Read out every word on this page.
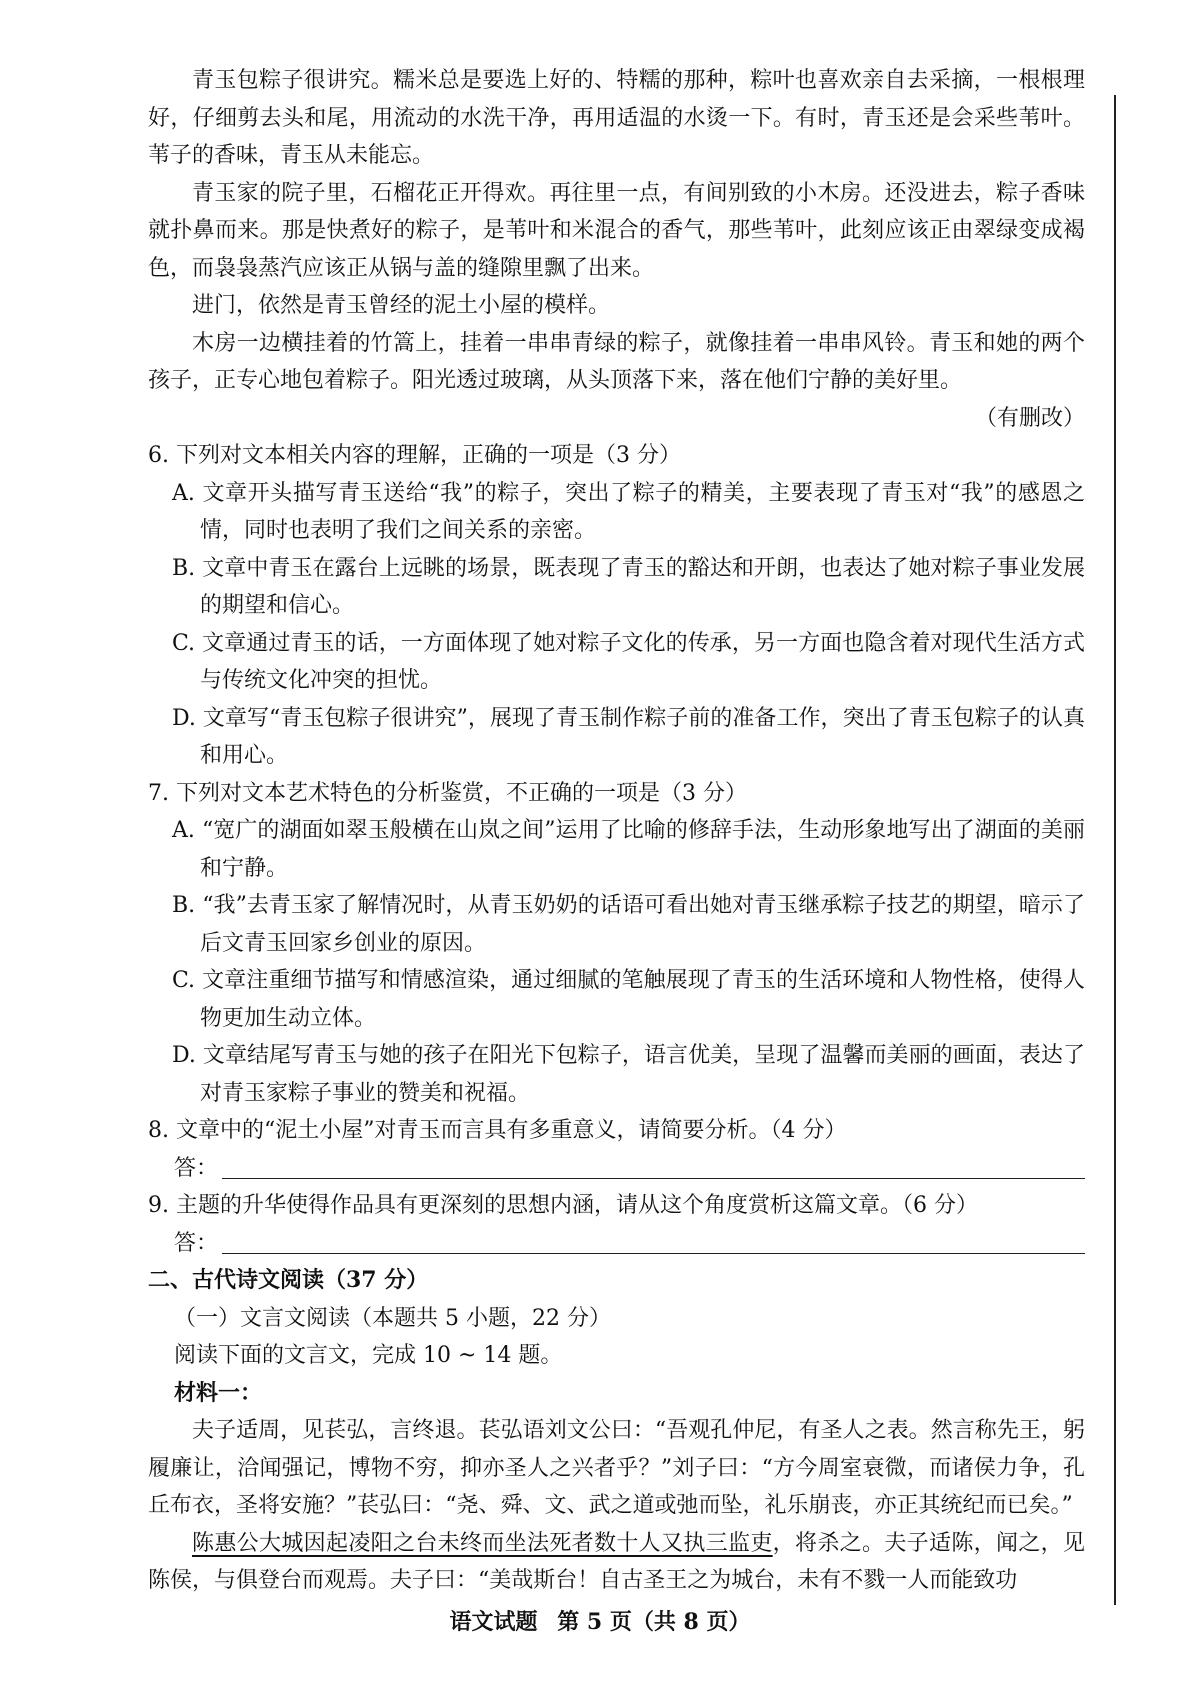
青玉包粽子很讲究。糯米总是要选上好的、特糯的那种，粽叶也喜欢亲自去采摘，一根根理好，仔细剪去头和尾，用流动的水洗干净，再用适温的水烫一下。有时，青玉还是会采些苇叶。苇子的香味，青玉从未能忘。

青玉家的院子里，石榴花正开得欢。再往里一点，有间别致的小木房。还没进去，粽子香味就扑鼻而来。那是快煮好的粽子，是苇叶和米混合的香气，那些苇叶，此刻应该正由翠绿变成褐色，而袅袅蒸汽应该正从锅与盖的缝隙里飘了出来。

进门，依然是青玉曾经的泥土小屋的模样。

木房一边横挂着的竹篙上，挂着一串串青绿的粽子，就像挂着一串串风铃。青玉和她的两个孩子，正专心地包着粽子。阳光透过玻璃，从头顶落下来，落在他们宁静的美好里。

（有删改）

6. 下列对文本相关内容的理解，正确的一项是（3 分）

A. 文章开头描写青玉送给“我”的粽子，突出了粽子的精美，主要表现了青玉对“我”的感恩之情，同时也表明了我们之间关系的亲密。

B. 文章中青玉在露台上远眺的场景，既表现了青玉的豁达和开朗，也表达了她对粽子事业发展的期望和信心。

C. 文章通过青玉的话，一方面体现了她对粽子文化的传承，另一方面也隐含着对现代生活方式与传统文化冲突的担忧。

D. 文章写“青玉包粽子很讲究”，展现了青玉制作粽子前的准备工作，突出了青玉包粽子的认真和用心。

7. 下列对文本艺术特色的分析鉴赏，不正确的一项是（3 分）

A. “宽广的湖面如翠玉般横在山岚之间”运用了比喻的修辞手法，生动形象地写出了湖面的美丽和宁静。

B. “我”去青玉家了解情况时，从青玉奶奶的话语可看出她对青玉继承粽子技艺的期望，暗示了后文青玉回家乡创业的原因。

C. 文章注重细节描写和情感渲染，通过细腻的笔触展现了青玉的生活环境和人物性格，使得人物更加生动立体。

D. 文章结尾写青玉与她的孩子在阳光下包粽子，语言优美，呈现了温馨而美丽的画面，表达了对青玉家粽子事业的赞美和祝福。

8. 文章中的“泥土小屋”对青玉而言具有多重意义，请简要分析。（4 分）

答：

9. 主题的升华使得作品具有更深刻的思想内涵，请从这个角度赏析这篇文章。（6 分）

答：

二、古代诗文阅读（37 分）

（一）文言文阅读（本题共 5 小题，22 分）

阅读下面的文言文，完成 10 ~ 14 题。

材料一：

夫子适周，见苌弘，言终退。苌弘语刘文公曰：“吾观孔仲尼，有圣人之表。然言称先王，躬履廉让，洽闻强记，博物不穷，抑亦圣人之兴者乎？”刘子曰：“方今周室衰微，而诸侯力争，孔丘布衣，圣将安施？”苌弘曰：“尧、舜、文、武之道或弛而坠，礼乐崩丧，亦正其统纪而已矣。”

陈惠公大城因起凌阳之台未终而坐法死者数十人又执三监吏，将杀之。夫子适陈，闻之，见陈侯，与俱登台而观焉。夫子曰：“美哉斯台！自古圣王之为城台，未有不戮一人而能致功

语文试题 第 5 页（共 8 页）
